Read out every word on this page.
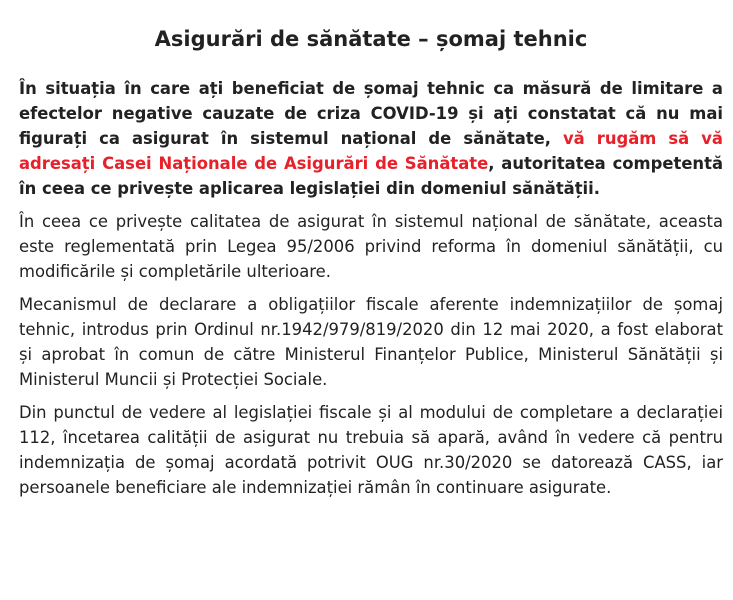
Asigurări de sănătate – șomaj tehnic

În situația în care ați beneficiat de șomaj tehnic ca măsură de limitare a efectelor negative cauzate de criza COVID-19 și ați constatat că nu mai figurați ca asigurat în sistemul național de sănătate, vă rugăm să vă adresați Casei Naționale de Asigurări de Sănătate, autoritatea competentă în ceea ce privește aplicarea legislației din domeniul sănătății.

În ceea ce privește calitatea de asigurat în sistemul național de sănătate, aceasta este reglementată prin Legea 95/2006 privind reforma în domeniul sănătății, cu modificările și completările ulterioare.

Mecanismul de declarare a obligațiilor fiscale aferente indemnizațiilor de șomaj tehnic, introdus prin Ordinul nr.1942/979/819/2020 din 12 mai 2020, a fost elaborat și aprobat în comun de către Ministerul Finanțelor Publice, Ministerul Sănătății și Ministerul Muncii și Protecției Sociale.

Din punctul de vedere al legislației fiscale și al modului de completare a declarației 112, încetarea calității de asigurat nu trebuia să apară, având în vedere că pentru indemnizația de șomaj acordată potrivit OUG nr.30/2020 se datorează CASS, iar persoanele beneficiare ale indemnizației rămân în continuare asigurate.
